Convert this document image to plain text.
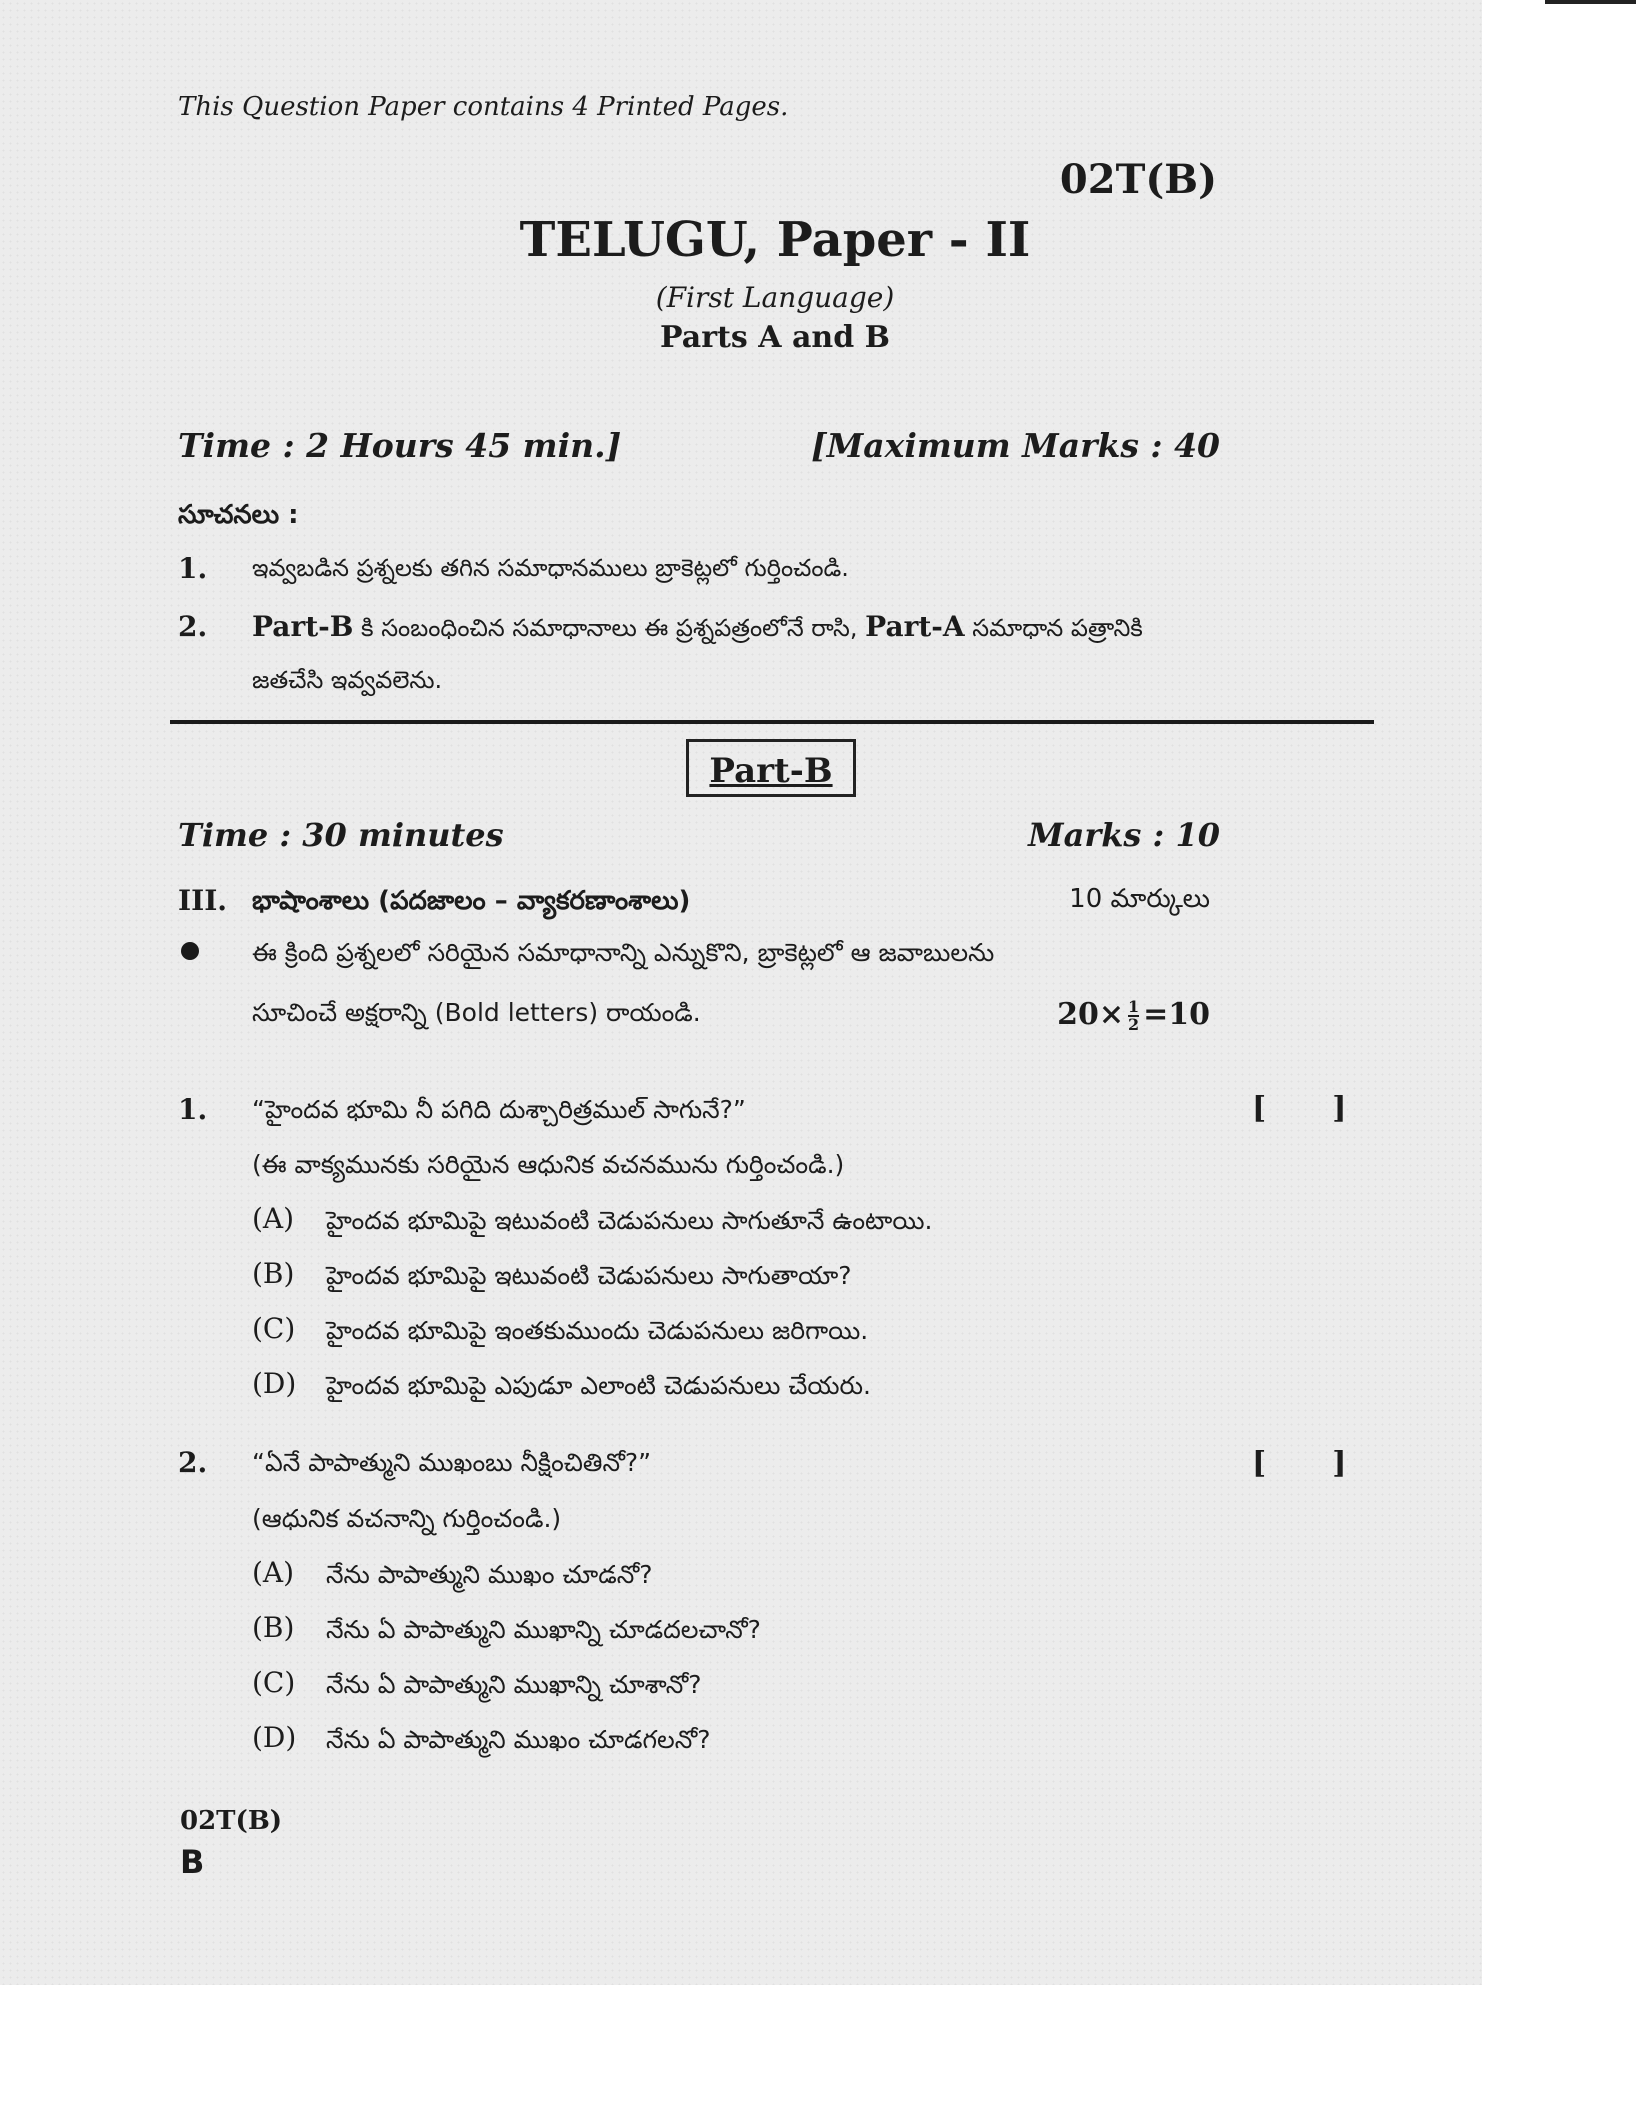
This Question Paper contains 4 Printed Pages.
02T(B)
TELUGU, Paper - II
(First Language)
Parts A and B
Time : 2 Hours 45 min.]	[Maximum Marks : 40
సూచనలు :
1. ఇవ్వబడిన ప్రశ్నలకు తగిన సమాధానములు బ్రాకెట్లలో గుర్తించండి.
2. Part-B కి సంబంధించిన సమాధానాలు ఈ ప్రశ్నపత్రంలోనే రాసి, Part-A సమాధాన పత్రానికి
జతచేసి ఇవ్వవలెను.
Part-B
Time : 30 minutes	Marks : 10
III. భాషాంశాలు (పదజాలం – వ్యాకరణాంశాలు)	10 మార్కులు
ఈ క్రింది ప్రశ్నలలో సరియైన సమాధానాన్ని ఎన్నుకొని, బ్రాకెట్లలో ఆ జవాబులను
సూచించే అక్షరాన్ని (Bold letters) రాయండి.	$20\times \frac{1}{2} =10$
1. “హైందవ భూమి నీ పగిది దుశ్చారిత్రముల్ సాగునే?”	[ ]
(ఈ వాక్యమునకు సరియైన ఆధునిక వచనమును గుర్తించండి.)
(A) హైందవ భూమిపై ఇటువంటి చెడుపనులు సాగుతూనే ఉంటాయి.
(B) హైందవ భూమిపై ఇటువంటి చెడుపనులు సాగుతాయా?
(C) హైందవ భూమిపై ఇంతకుముందు చెడుపనులు జరిగాయి.
(D) హైందవ భూమిపై ఎపుడూ ఎలాంటి చెడుపనులు చేయరు.
2. “ఏనే పాపాత్ముని ముఖంబు నీక్షించితినో?”	[ ]
(ఆధునిక వచనాన్ని గుర్తించండి.)
(A) నేను పాపాత్ముని ముఖం చూడనో?
(B) నేను ఏ పాపాత్ముని ముఖాన్ని చూడదలచానో?
(C) నేను ఏ పాపాత్ముని ముఖాన్ని చూశానో?
(D) నేను ఏ పాపాత్ముని ముఖం చూడగలనో?
02T(B)
B
